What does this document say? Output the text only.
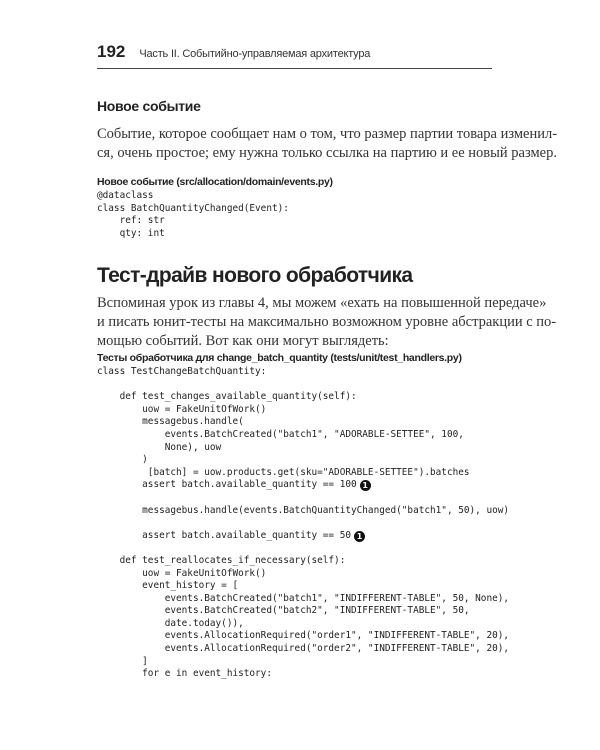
192 Часть II. Событийно-управляемая архитектура
Новое событие

Событие, которое сообщает нам о том, что размер партии товара изменил-
ся, очень простое; ему нужна только ссылка на партию и ее новый размер.

Новое событие (src/allocation/domain/events.py)
@dataclass
class BatchQuantityChanged(Event):
ref: str
qty: int
Тест-драйв нового обработчика

Вспоминая урок из главы 4, мы можем «ехать на повышенной передаче»
и писать юнит-тесты на максимально возможном уровне абстракции с по-
мощью событий. Вот как они могут выглядеть:

Тесты обработчика для change_batch_quantity (tests/unit/test_handlers.py)
class TestChangeBatchQuantity:
def test_changes_available_quantity(self):
uow = FakeUnitOfWork()
messagebus.handle(
events.BatchCreated("batch1", "ADORABLE-SETTEE", 100,
None), uow
)
[batch] = uow.products.get(sku="ADORABLE-SETTEE").batches
assert batch.available_quantity == 100 1
messagebus.handle(events.BatchQuantityChanged("batch1", 50), uow)
assert batch.available_quantity == 50 1
def test_reallocates_if_necessary(self):
uow = FakeUnitOfWork()
event_history = [
events.BatchCreated("batch1", "INDIFFERENT-TABLE", 50, None),
events.BatchCreated("batch2", "INDIFFERENT-TABLE", 50,
date.today()),
events.AllocationRequired("order1", "INDIFFERENT-TABLE", 20),
events.AllocationRequired("order2", "INDIFFERENT-TABLE", 20),
]
for e in event_history:
